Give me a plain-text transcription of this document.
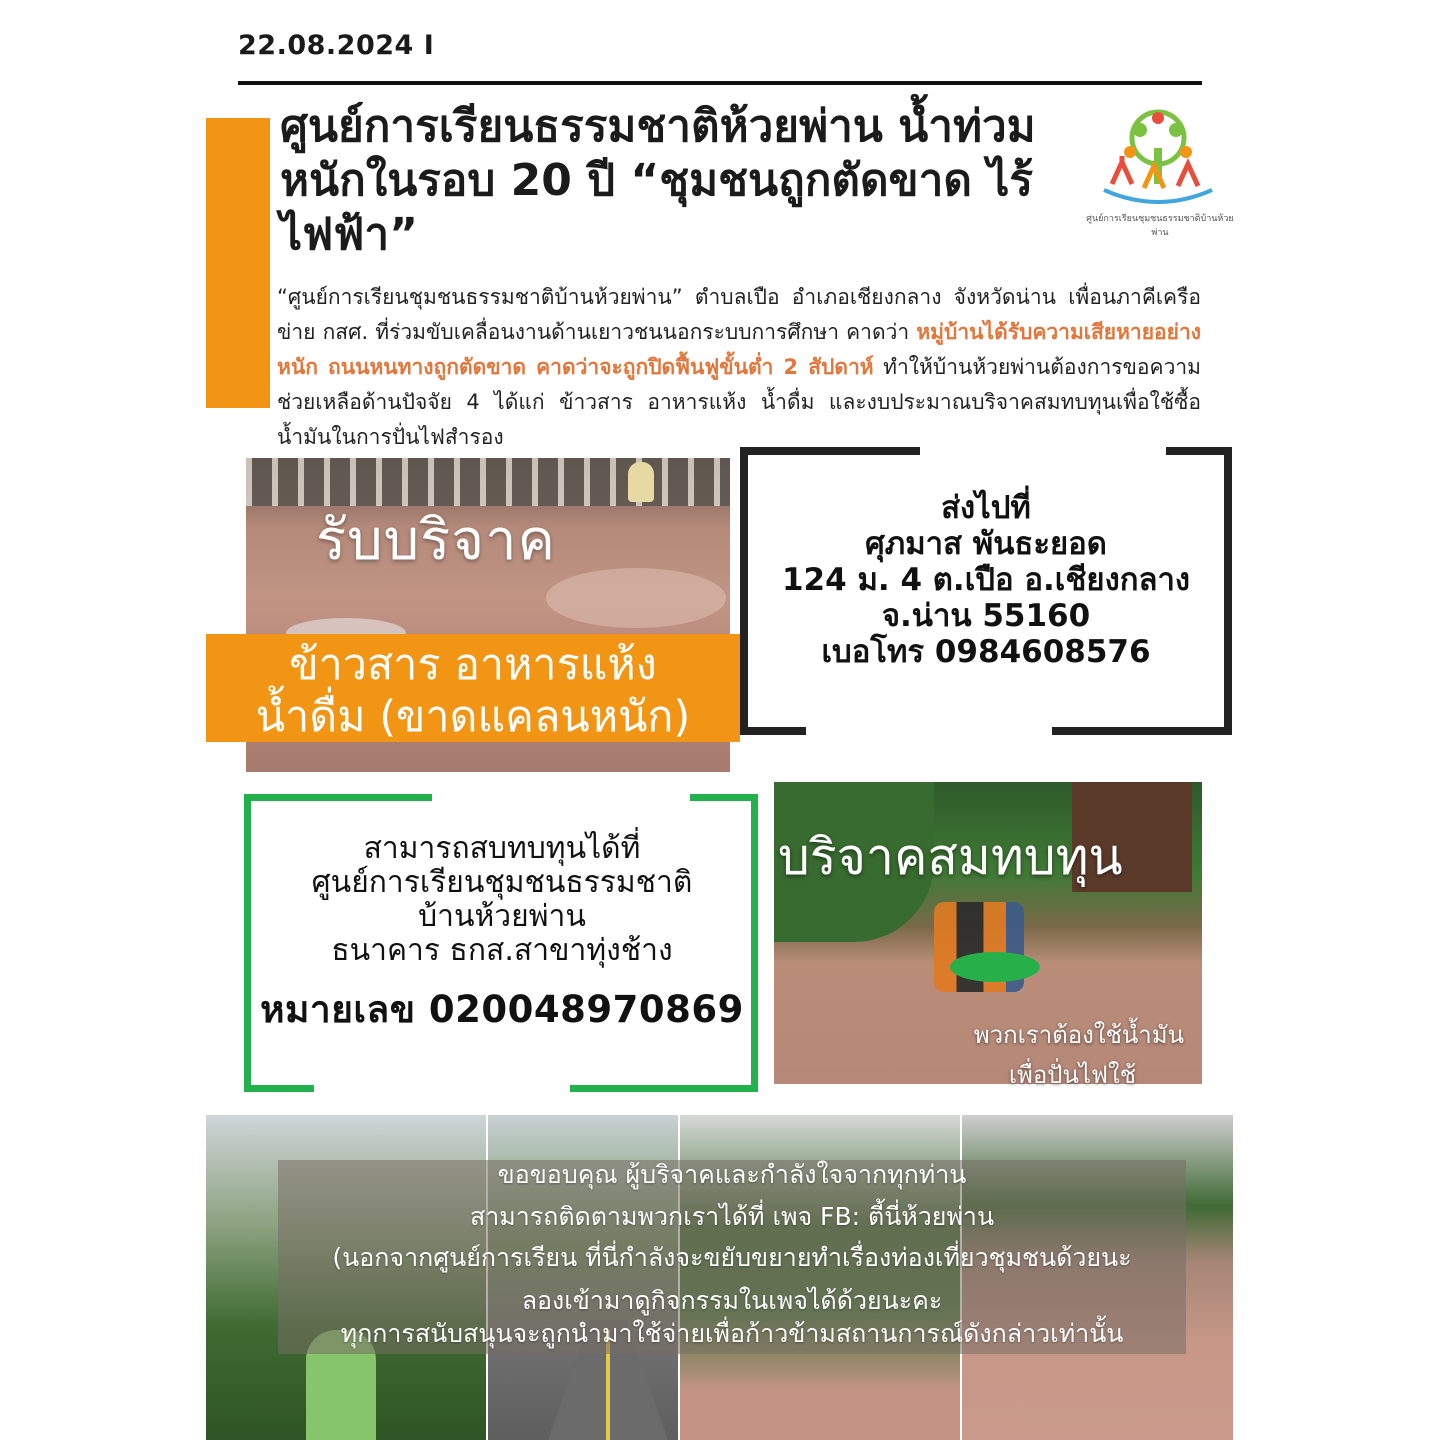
22.08.2024 I
ศูนย์การเรียนธรรมชาติห้วยพ่าน น้ำท่วมหนักในรอบ 20 ปี “ชุมชนถูกตัดขาด ไร้ไฟฟ้า”	ศูนย์การเรียนชุมชนธรรมชาติบ้านห้วยพ่าน
“ศูนย์การเรียนชุมชนธรรมชาติบ้านห้วยพ่าน” ตำบลเปือ อำเภอเชียงกลาง จังหวัดน่าน เพื่อนภาคีเครือข่าย กสศ. ที่ร่วมขับเคลื่อนงานด้านเยาวชนนอกระบบการศึกษา คาดว่า หมู่บ้านได้รับความเสียหายอย่างหนัก ถนนหนทางถูกตัดขาด คาดว่าจะถูกปิดฟื้นฟูขั้นต่ำ 2 สัปดาห์ ทำให้บ้านห้วยพ่านต้องการขอความช่วยเหลือด้านปัจจัย 4 ได้แก่ ข้าวสาร อาหารแห้ง น้ำดื่ม และงบประมาณบริจาคสมทบทุนเพื่อใช้ซื้อน้ำมันในการปั่นไฟสำรอง
รับบริจาค
ข้าวสาร อาหารแห้ง
น้ำดื่ม (ขาดแคลนหนัก)
ส่งไปที่
ศุภมาส พันธะยอด
124 ม. 4 ต.เปือ อ.เชียงกลาง
จ.น่าน 55160
เบอโทร 0984608576
สามารถสบทบทุนได้ที่
ศูนย์การเรียนชุมชนธรรมชาติ
บ้านห้วยพ่าน
ธนาคาร ธกส.สาขาทุ่งช้าง
หมายเลข 020048970869
บริจาคสมทบทุน
พวกเราต้องใช้น้ำมัน
เพื่อปั่นไฟใช้
ขอขอบคุณ ผู้บริจาคและกำลังใจจากทุกท่าน
สามารถติดตามพวกเราได้ที่ เพจ FB: ตี้นี่ห้วยพ่าน
(นอกจากศูนย์การเรียน ที่นี่กำลังจะขยับขยายทำเรื่องท่องเที่ยวชุมชนด้วยนะ
ลองเข้ามาดูกิจกรรมในเพจได้ด้วยนะคะ
ทุกการสนับสนุนจะถูกนำมาใช้จ่ายเพื่อก้าวข้ามสถานการณ์ดังกล่าวเท่านั้น
